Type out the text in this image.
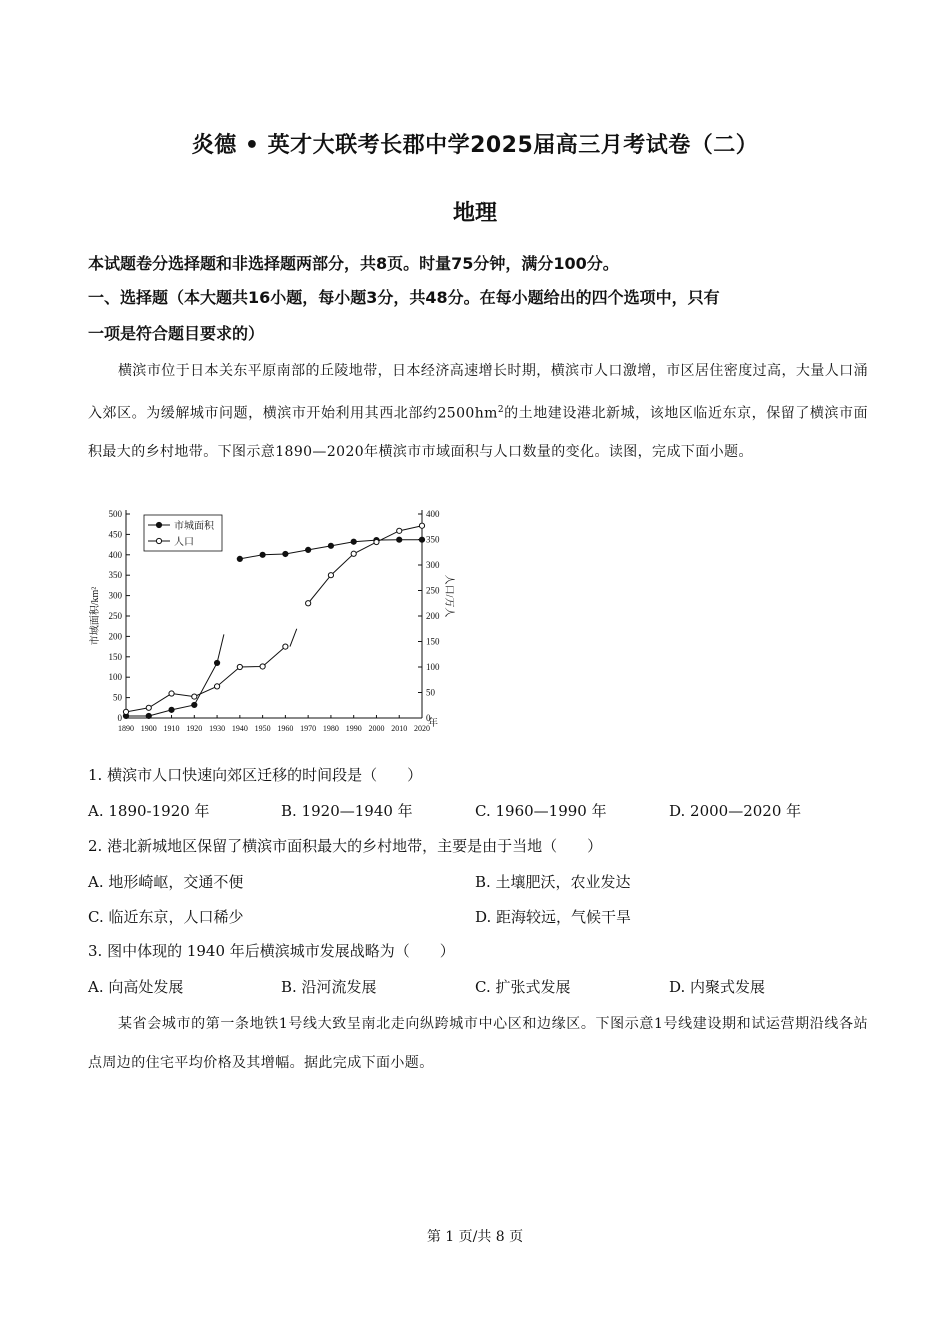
炎德 • 英才大联考长郡中学2025届高三月考试卷（二）
地理
本试题卷分选择题和非选择题两部分，共8页。时量75分钟，满分100分。
一、选择题（本大题共16小题，每小题3分，共48分。在每小题给出的四个选项中，只有
一项是符合题目要求的）
横滨市位于日本关东平原南部的丘陵地带，日本经济高速增长时期，横滨市人口激增，市区居住密度过高，大量人口涌入郊区。为缓解城市问题，横滨市开始利用其西北部约$2500hm^2$的土地建设港北新城，该地区临近东京，保留了横滨市面积最大的乡村地带。下图示意1890—2020年横滨市市域面积与人口数量的变化。读图，完成下面小题。
0
50
100
150
200
250
300
350
400
450
500
0
50
100
150
200
250
300
350
400
1890 1900 1910 1920 1930 1940 1950 1960 1970 1980 1990 2000 2010 2020
年
市域面积/km²	人口/万人
市城面积
人口
1. 横滨市人口快速向郊区迁移的时间段是（　　）
A. 1890-1920 年	B. 1920—1940 年	C. 1960—1990 年	D. 2000—2020 年
2. 港北新城地区保留了横滨市面积最大的乡村地带，主要是由于当地（　　）
A. 地形崎岖，交通不便	B. 土壤肥沃，农业发达
C. 临近东京，人口稀少	D. 距海较远，气候干旱
3. 图中体现的 1940 年后横滨城市发展战略为（　　）
A. 向高处发展	B. 沿河流发展	C. 扩张式发展	D. 内聚式发展
某省会城市的第一条地铁1号线大致呈南北走向纵跨城市中心区和边缘区。下图示意1号线建设期和试运营期沿线各站点周边的住宅平均价格及其增幅。据此完成下面小题。
第 1 页/共 8 页
